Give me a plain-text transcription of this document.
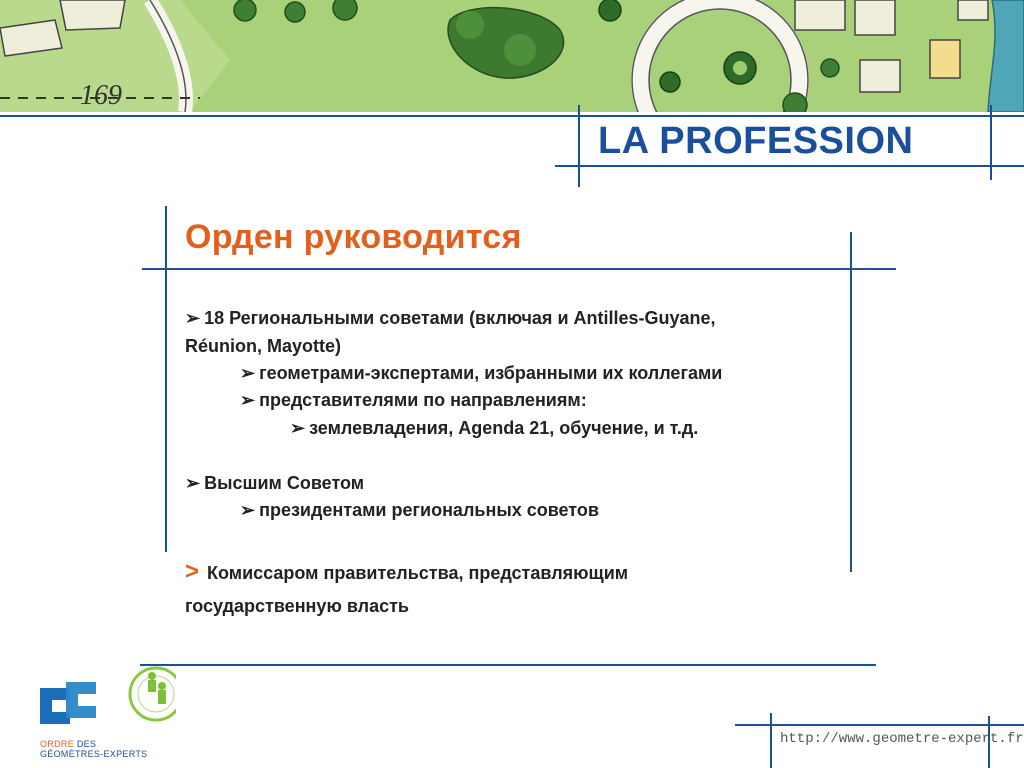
169
LA PROFESSION
Орден руководится
➢ 18 Региональными советами (включая и Antilles-Guyane,
Réunion, Mayotte)
➢ геометрами-экспертами, избранными их коллегами
➢ представителями по направлениям:
➢ землевладения, Agenda 21, обучение, и т.д.
➢ Высшим Советом
➢ президентами региональных советов
> Комиссаром правительства, представляющим
государственную власть
ORDRE DES
GÉOMÈTRES-EXPERTS
http://www.geometre-expert.fr
